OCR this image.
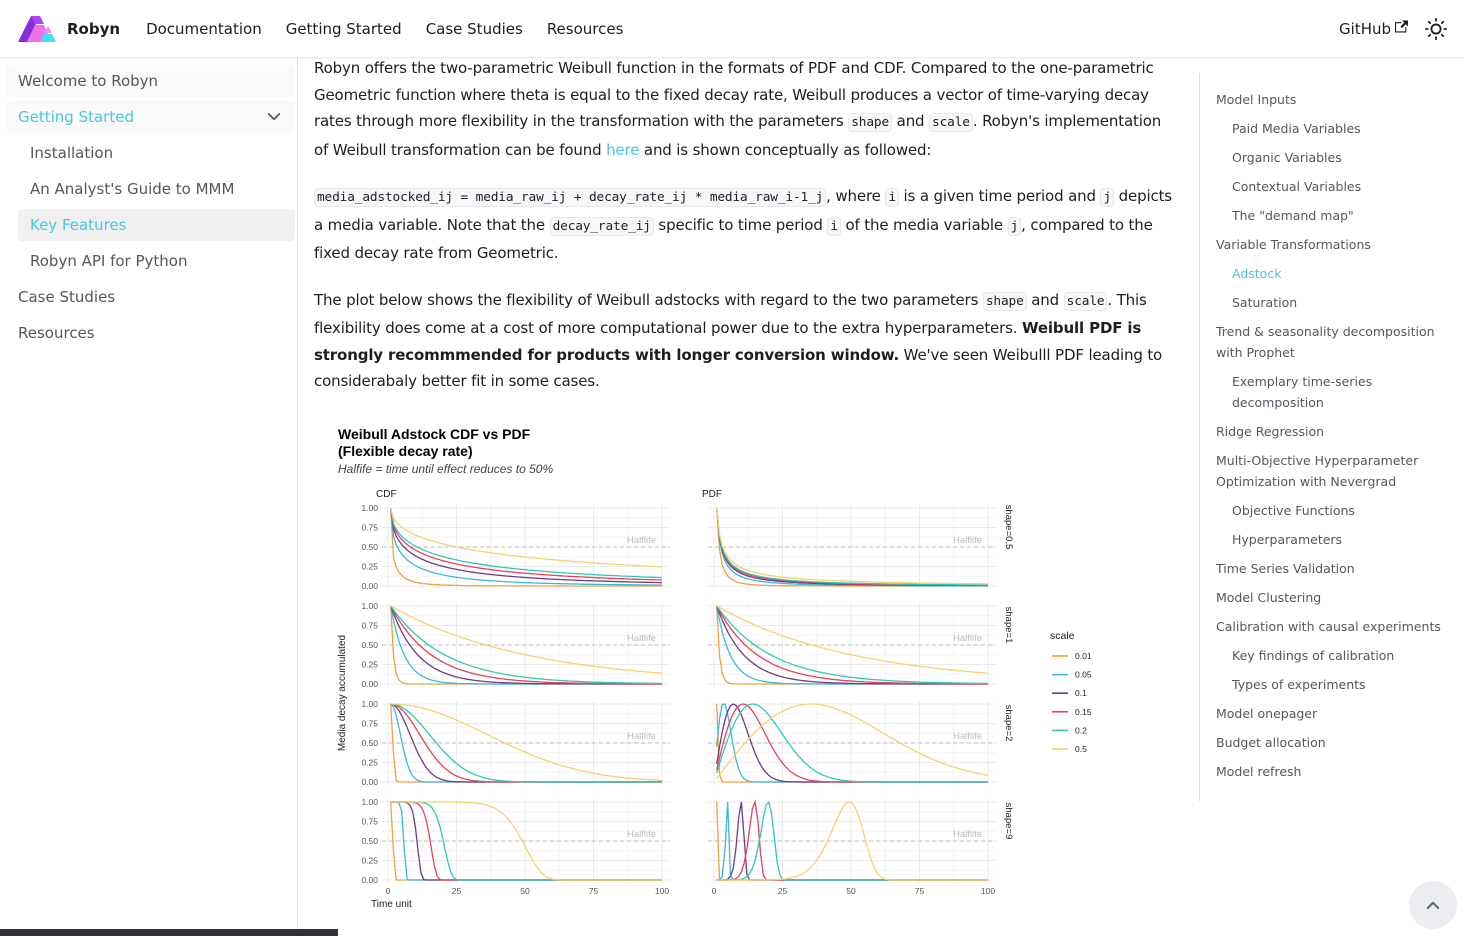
Robyn Documentation Getting Started Case Studies Resources	GitHub
Welcome to Robyn
Getting Started
Installation
An Analyst's Guide to MMM
Key Features
Robyn API for Python
Case Studies
Resources

Robyn offers the two-parametric Weibull function in the formats of PDF and CDF. Compared to the one-parametric Geometric function where theta is equal to the fixed decay rate, Weibull produces a vector of time-varying decay rates through more flexibility in the transformation with the parameters shape and scale . Robyn's implementation of Weibull transformation can be found here and is shown conceptually as followed:

media_adstocked_ij = media_raw_ij + decay_rate_ij * media_raw_i-1_j , where i is a given time period and j depicts a media variable. Note that the decay_rate_ij specific to time period i of the media variable j , compared to the fixed decay rate from Geometric.

The plot below shows the flexibility of Weibull adstocks with regard to the two parameters shape and scale . This flexibility does come at a cost of more computational power due to the extra hyperparameters. Weibull PDF is strongly recommmended for products with longer conversion window. We've seen Weibulll PDF leading to considerabaly better fit in some cases.

Weibull Adstock CDF vs PDF
(Flexible decay rate)
Halfife = time until effect reduces to 50%
CDF	PDF
Time unit
Media decay accumulated	scale
0.00
0.25
0.50
0.75
1.00
Halflife	Halflife shape=0.5
0.00
0.25
0.50
0.75
1.00
Halflife	Halflife shape=1
0.00
0.25
0.50
0.75
1.00
Halflife	Halflife shape=2
0.00
0.25
0.50
0.75
1.00
Halflife
0	25	50	75	100
Halflife
0	25	50	75	100
shape=9
0.01
0.05
0.1
0.15
0.2
0.5
Model Inputs
Paid Media Variables
Organic Variables
Contextual Variables
The "demand map"
Variable Transformations
Adstock
Saturation
Trend & seasonality decomposition with Prophet
Exemplary time-series decomposition
Ridge Regression
Multi-Objective Hyperparameter Optimization with Nevergrad
Objective Functions
Hyperparameters
Time Series Validation
Model Clustering
Calibration with causal experiments
Key findings of calibration
Types of experiments
Model onepager
Budget allocation
Model refresh
